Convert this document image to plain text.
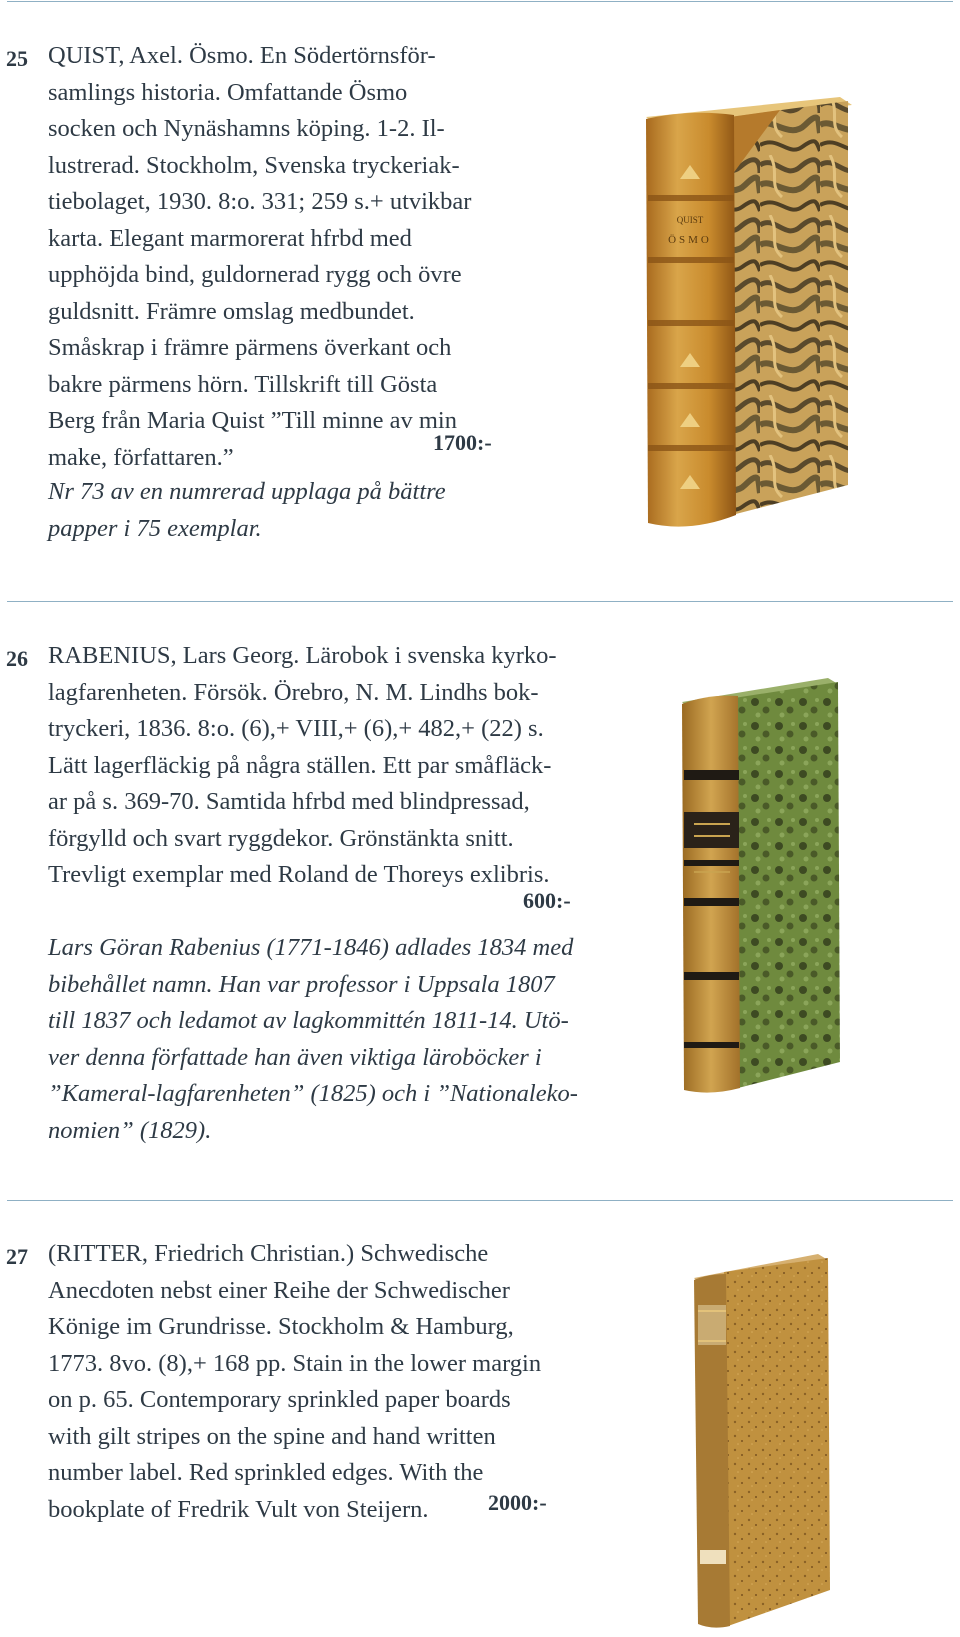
25 QUIST, Axel. Ösmo. En Södertörnsför-
samlings historia. Omfattande Ösmo
socken och Nynäshamns köping. 1-2. Il-
lustrerad. Stockholm, Svenska tryckeriak-
tiebolaget, 1930. 8:o. 331; 259 s.+ utvikbar
karta. Elegant marmorerat hfrbd med
upphöjda bind, guldornerad rygg och övre
guldsnitt. Främre omslag medbundet.
Småskrap i främre pärmens överkant och
bakre pärmens hörn. Tillskrift till Gösta
Berg från Maria Quist ”Till minne av min
make, författaren.”
1700:-
Nr 73 av en numrerad upplaga på bättre
papper i 75 exemplar.
QUIST
ÖSMO
26 RABENIUS, Lars Georg. Lärobok i svenska kyrko-
lagfarenheten. Försök. Örebro, N. M. Lindhs bok-
tryckeri, 1836. 8:o. (6),+ VIII,+ (6),+ 482,+ (22) s.
Lätt lagerfläckig på några ställen. Ett par småfläck-
ar på s. 369-70. Samtida hfrbd med blindpressad,
förgylld och svart ryggdekor. Grönstänkta snitt.
Trevligt exemplar med Roland de Thoreys exlibris.
600:-
Lars Göran Rabenius (1771-1846) adlades 1834 med
bibehållet namn. Han var professor i Uppsala 1807
till 1837 och ledamot av lagkommittén 1811-14. Utö-
ver denna författade han även viktiga läroböcker i
”Kameral-lagfarenheten” (1825) och i ”Nationaleko-
nomien” (1829).
27 (RITTER, Friedrich Christian.) Schwedische
Anecdoten nebst einer Reihe der Schwedischer
Könige im Grundrisse. Stockholm & Hamburg,
1773. 8vo. (8),+ 168 pp. Stain in the lower margin
on p. 65. Contemporary sprinkled paper boards
with gilt stripes on the spine and hand written
number label. Red sprinkled edges. With the
bookplate of Fredrik Vult von Steijern.	2000:-
